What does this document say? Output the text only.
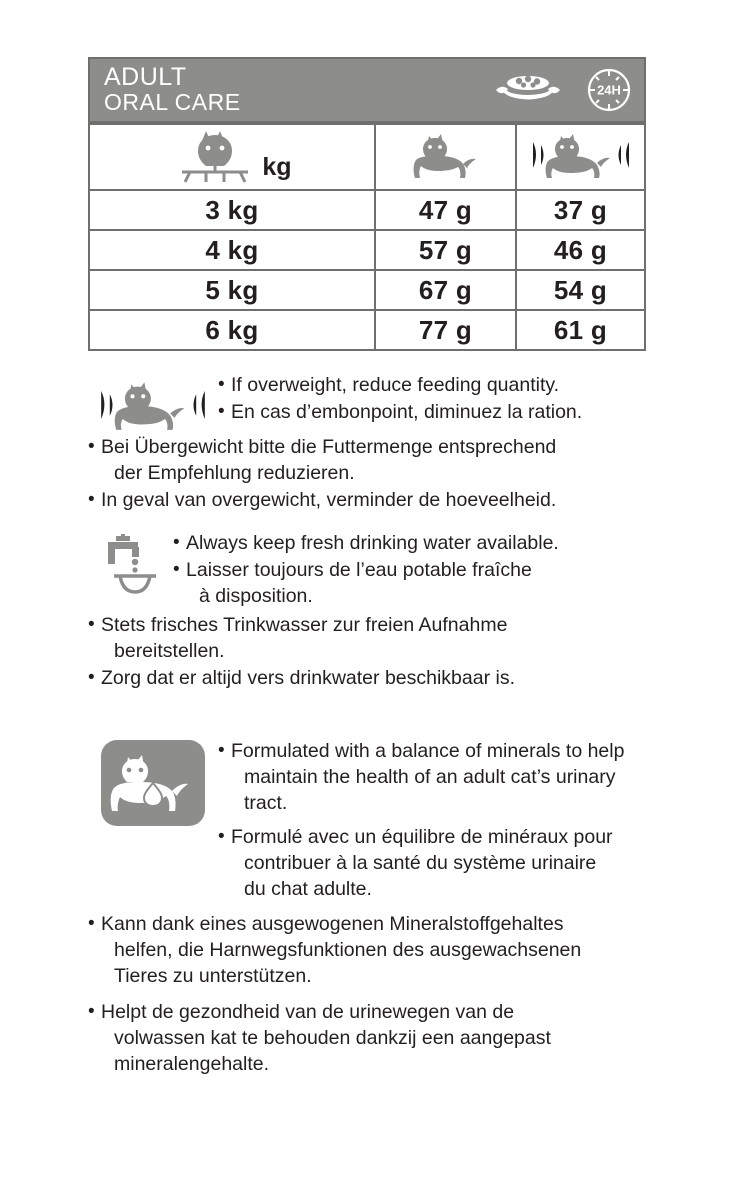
ADULT
ORAL CARE	24H
kg

3 kg	47 g	37 g
4 kg	57 g	46 g
5 kg	67 g	54 g
6 kg	77 g	61 g
• If overweight, reduce feeding quantity.
• En cas d’embonpoint, diminuez la ration.
• Bei Übergewicht bitte die Futtermenge entsprechend
der Empfehlung reduzieren.
• In geval van overgewicht, verminder de hoeveelheid.
• Always keep fresh drinking water available.
• Laisser toujours de l’eau potable fraîche
à disposition.
• Stets frisches Trinkwasser zur freien Aufnahme
bereitstellen.
• Zorg dat er altijd vers drinkwater beschikbaar is.
• Formulated with a balance of minerals to help
maintain the health of an adult cat’s urinary tract.
• Formulé avec un équilibre de minéraux pour
contribuer à la santé du système urinaire
du chat adulte.
• Kann dank eines ausgewogenen Mineralstoffgehaltes
helfen, die Harnwegsfunktionen des ausgewachsenen
Tieres zu unterstützen.
• Helpt de gezondheid van de urinewegen van de
volwassen kat te behouden dankzij een aangepast
mineralengehalte.
